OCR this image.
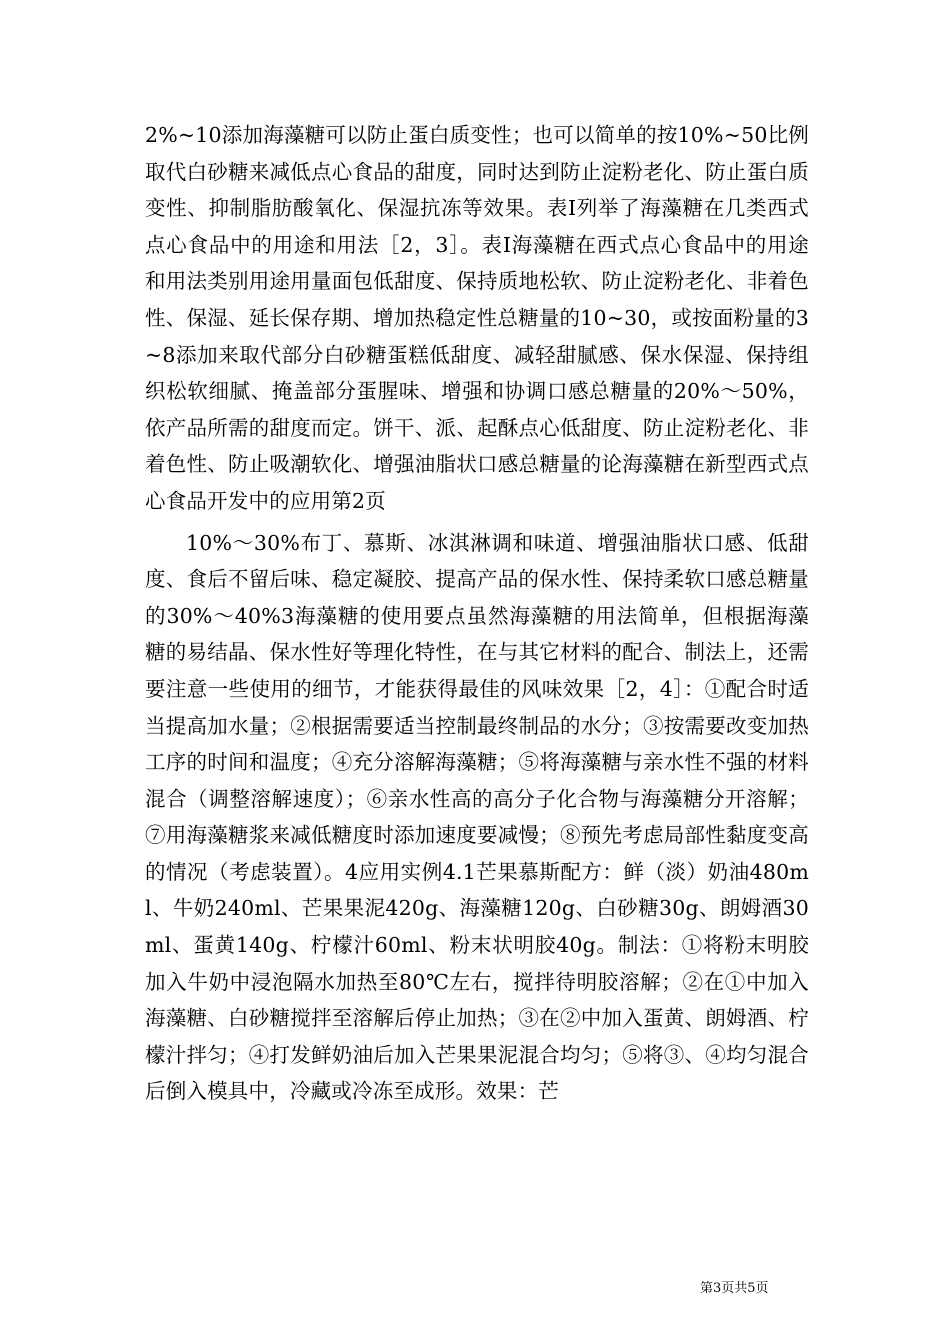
2%~10添加海藻糖可以防止蛋白质变性；也可以简单的按10%~50比例取代白砂糖来减低点心食品的甜度，同时达到防止淀粉老化、防止蛋白质变性、抑制脂肪酸氧化、保湿抗冻等效果。表Ⅰ列举了海藻糖在几类西式点心食品中的用途和用法［2，3］。表Ⅰ海藻糖在西式点心食品中的用途和用法类别用途用量面包低甜度、保持质地松软、防止淀粉老化、非着色性、保湿、延长保存期、增加热稳定性总糖量的10~30，或按面粉量的3~8添加来取代部分白砂糖蛋糕低甜度、减轻甜腻感、保水保湿、保持组织松软细腻、掩盖部分蛋腥味、增强和协调口感总糖量的20%～50%，依产品所需的甜度而定。饼干、派、起酥点心低甜度、防止淀粉老化、非着色性、防止吸潮软化、增强油脂状口感总糖量的论海藻糖在新型西式点心食品开发中的应用第2页

10%～30%布丁、慕斯、冰淇淋调和味道、增强油脂状口感、低甜度、食后不留后味、稳定凝胶、提高产品的保水性、保持柔软口感总糖量的30%～40%3海藻糖的使用要点虽然海藻糖的用法简单，但根据海藻糖的易结晶、保水性好等理化特性，在与其它材料的配合、制法上，还需要注意一些使用的细节，才能获得最佳的风味效果［2，4］：①配合时适当提高加水量；②根据需要适当控制最终制品的水分；③按需要改变加热工序的时间和温度；④充分溶解海藻糖；⑤将海藻糖与亲水性不强的材料混合（调整溶解速度）；⑥亲水性高的高分子化合物与海藻糖分开溶解；⑦用海藻糖浆来减低糖度时添加速度要减慢；⑧预先考虑局部性黏度变高的情况（考虑装置）。4应用实例4.1芒果慕斯配方：鲜（淡）奶油480ml、牛奶240ml、芒果果泥420g、海藻糖120g、白砂糖30g、朗姆酒30ml、蛋黄140g、柠檬汁60ml、粉末状明胶40g。制法：①将粉末明胶加入牛奶中浸泡隔水加热至80℃左右，搅拌待明胶溶解；②在①中加入海藻糖、白砂糖搅拌至溶解后停止加热；③在②中加入蛋黄、朗姆酒、柠檬汁拌匀；④打发鲜奶油后加入芒果果泥混合均匀；⑤将③、④均匀混合后倒入模具中，冷藏或冷冻至成形。效果：芒

第3页共5页
